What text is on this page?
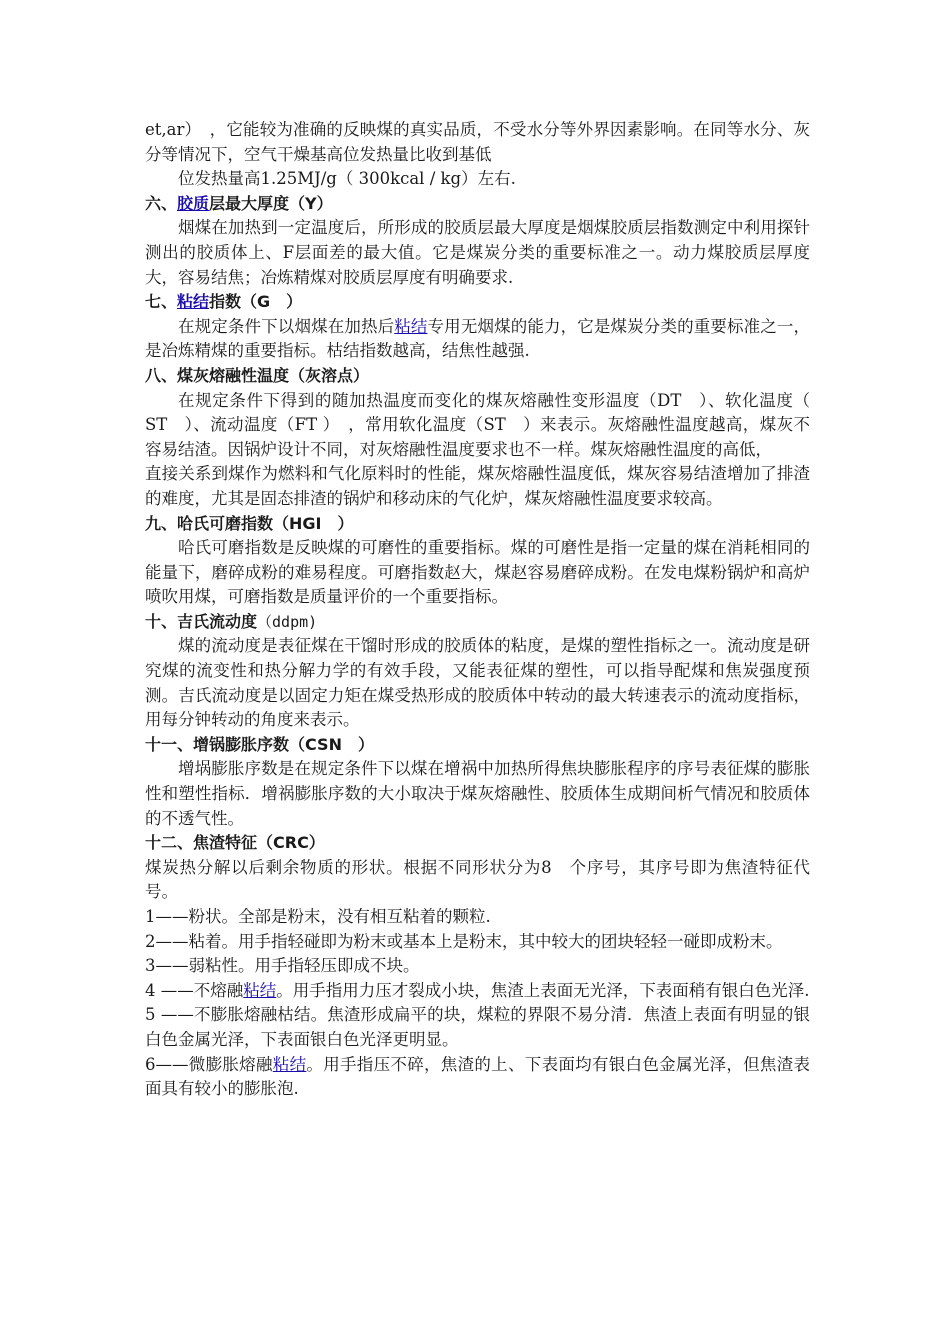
et,ar）　，它能较为准确的反映煤的真实品质，不受水分等外界因素影响。在同等水分、灰分等情况下，空气干燥基高位发热量比收到基低

位发热量高1.25MJ/g（ 300kcal / kg）左右.

六、胶质层最大厚度（Y）

烟煤在加热到一定温度后，所形成的胶质层最大厚度是烟煤胶质层指数测定中利用探针测出的胶质体上、F层面差的最大值。它是煤炭分类的重要标准之一。动力煤胶质层厚度大，容易结焦；冶炼精煤对胶质层厚度有明确要求.

七、粘结指数（G　）

在规定条件下以烟煤在加热后粘结专用无烟煤的能力，它是煤炭分类的重要标准之一，是冶炼精煤的重要指标。枯结指数越高，结焦性越强.

八、煤灰熔融性温度（灰溶点）

在规定条件下得到的随加热温度而变化的煤灰熔融性变形温度（DT　）、软化温度（ ST　）、流动温度（FT ）　，常用软化温度（ST　）来表示。灰熔融性温度越高，煤灰不容易结渣。因锅炉设计不同，对灰熔融性温度要求也不一样。煤灰熔融性温度的高低，

直接关系到煤作为燃料和气化原料时的性能，煤灰熔融性温度低，煤灰容易结渣增加了排渣的难度，尤其是固态排渣的锅炉和移动床的气化炉，煤灰熔融性温度要求较高。

九、哈氏可磨指数（HGI　）

哈氏可磨指数是反映煤的可磨性的重要指标。煤的可磨性是指一定量的煤在消耗相同的能量下，磨碎成粉的难易程度。可磨指数赵大，煤赵容易磨碎成粉。在发电煤粉锅炉和高炉喷吹用煤，可磨指数是质量评价的一个重要指标。

十、吉氏流动度（ddpm)

煤的流动度是表征煤在干馏时形成的胶质体的粘度，是煤的塑性指标之一。流动度是研究煤的流变性和热分解力学的有效手段，又能表征煤的塑性，可以指导配煤和焦炭强度预测。吉氏流动度是以固定力矩在煤受热形成的胶质体中转动的最大转速表示的流动度指标，用每分钟转动的角度来表示。

十一、增锅膨胀序数（CSN　）

增埚膨胀序数是在规定条件下以煤在增祸中加热所得焦块膨胀程序的序号表征煤的膨胀性和塑性指标．增祸膨胀序数的大小取决于煤灰熔融性、胶质体生成期间析气情况和胶质体的不透气性。

十二、焦渣特征（CRC）

煤炭热分解以后剩余物质的形状。根据不同形状分为8　个序号，其序号即为焦渣特征代号。

1——粉状。全部是粉末，没有相互粘着的颗粒.

2——粘着。用手指轻碰即为粉末或基本上是粉末，其中较大的团块轻轻一碰即成粉末。

3——弱粘性。用手指轻压即成不块。

4 ——不熔融粘结。用手指用力压才裂成小块，焦渣上表面无光泽，下表面稍有银白色光泽.

5 ——不膨胀熔融枯结。焦渣形成扁平的块，煤粒的界限不易分清．焦渣上表面有明显的银白色金属光泽，下表面银白色光泽更明显。

6——微膨胀熔融粘结。用手指压不碎，焦渣的上、下表面均有银白色金属光泽，但焦渣表面具有较小的膨胀泡.
